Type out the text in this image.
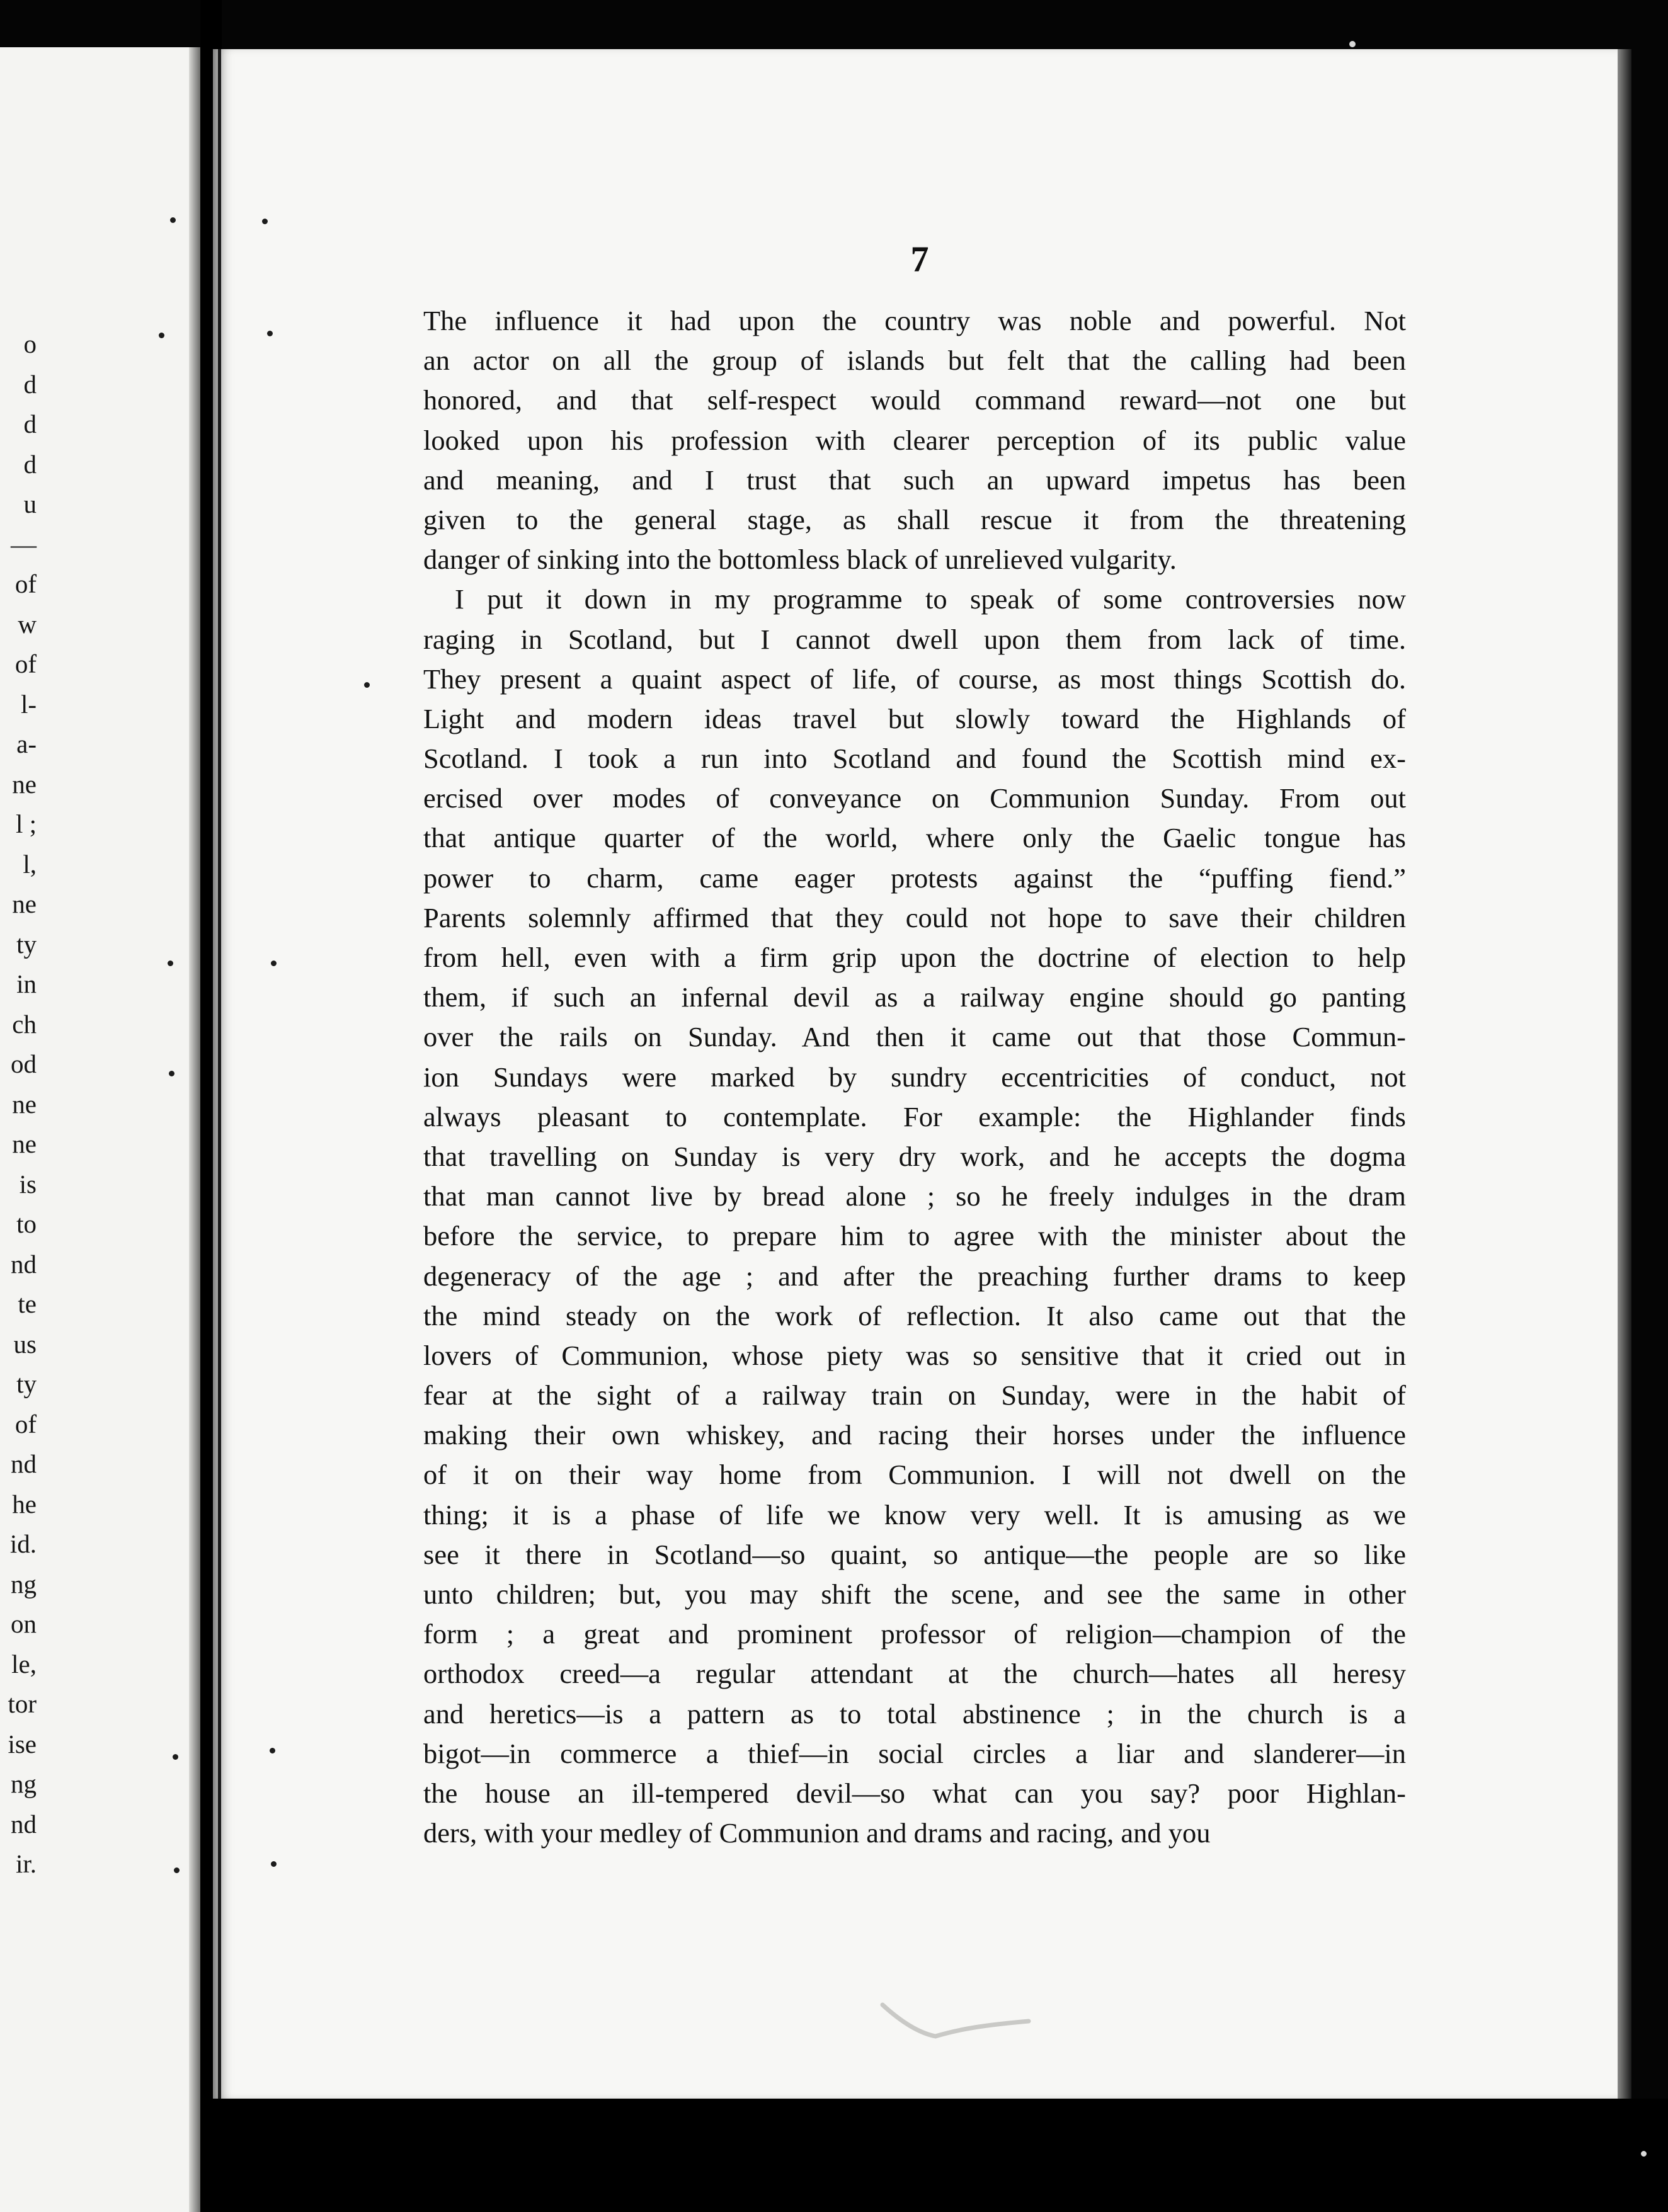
o
d
d
d
u
—
of
w
of
l-
a-
ne
l ;
l,
ne
ty
in
ch
od
ne
ne
is
to
nd
te
us
ty
of
nd
he
id.
ng
on
le,
tor
ise
ng
nd
ir.
7
The influence it had upon the country was noble and powerful. Not
an actor on all the group of islands but felt that the calling had been
honored, and that self-respect would command reward—not one but
looked upon his profession with clearer perception of its public value
and meaning, and I trust that such an upward impetus has been
given to the general stage, as shall rescue it from the threatening
danger of sinking into the bottomless black of unrelieved vulgarity.
I put it down in my programme to speak of some controversies now
raging in Scotland, but I cannot dwell upon them from lack of time.
They present a quaint aspect of life, of course, as most things Scottish do.
Light and modern ideas travel but slowly toward the Highlands of
Scotland. I took a run into Scotland and found the Scottish mind ex-
ercised over modes of conveyance on Communion Sunday. From out
that antique quarter of the world, where only the Gaelic tongue has
power to charm, came eager protests against the “puffing fiend.”
Parents solemnly affirmed that they could not hope to save their children
from hell, even with a firm grip upon the doctrine of election to help
them, if such an infernal devil as a railway engine should go panting
over the rails on Sunday. And then it came out that those Commun-
ion Sundays were marked by sundry eccentricities of conduct, not
always pleasant to contemplate. For example: the Highlander finds
that travelling on Sunday is very dry work, and he accepts the dogma
that man cannot live by bread alone ; so he freely indulges in the dram
before the service, to prepare him to agree with the minister about the
degeneracy of the age ; and after the preaching further drams to keep
the mind steady on the work of reflection. It also came out that the
lovers of Communion, whose piety was so sensitive that it cried out in
fear at the sight of a railway train on Sunday, were in the habit of
making their own whiskey, and racing their horses under the influence
of it on their way home from Communion. I will not dwell on the
thing; it is a phase of life we know very well. It is amusing as we
see it there in Scotland—so quaint, so antique—the people are so like
unto children; but, you may shift the scene, and see the same in other
form ; a great and prominent professor of religion—champion of the
orthodox creed—a regular attendant at the church—hates all heresy
and heretics—is a pattern as to total abstinence ; in the church is a
bigot—in commerce a thief—in social circles a liar and slanderer—in
the house an ill-tempered devil—so what can you say? poor Highlan-
ders, with your medley of Communion and drams and racing, and you
